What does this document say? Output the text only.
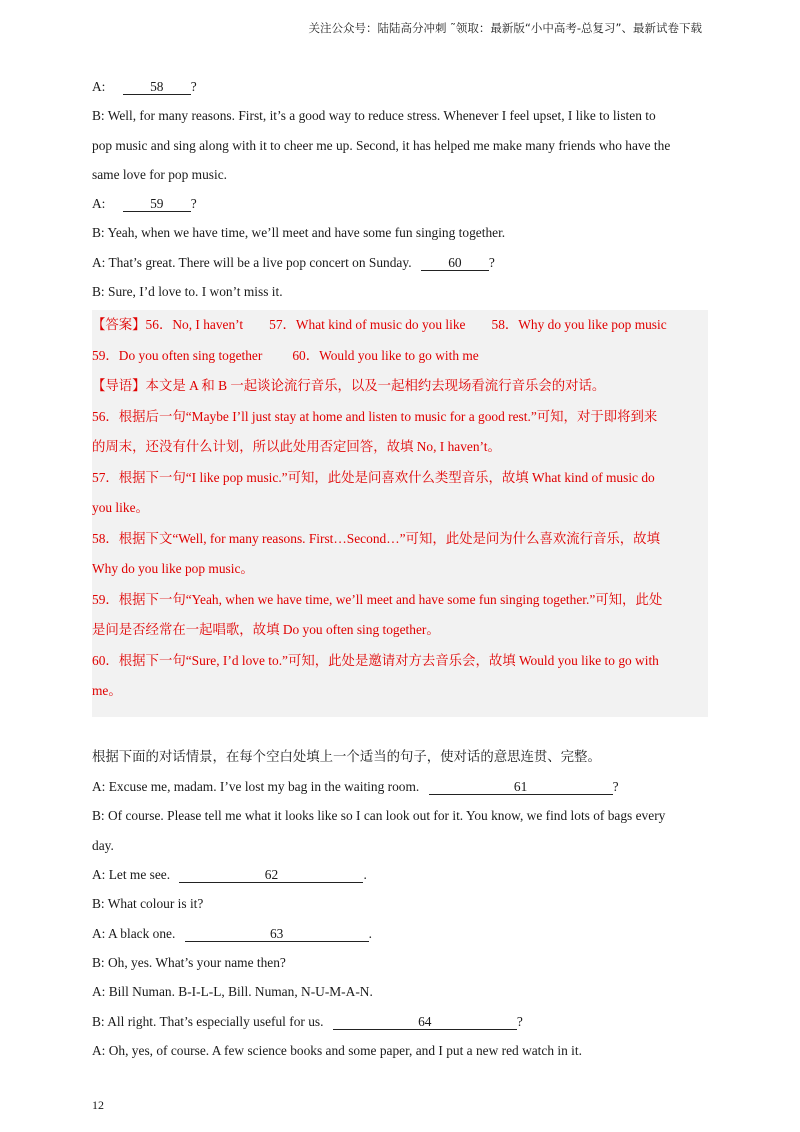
关注公众号：陆陆高分冲刺 ˜领取：最新版“小中高考-总复习”、最新试卷下载
A:	58 ?
B: Well, for many reasons. First, it’s a good way to reduce stress. Whenever I feel upset, I like to listen to
pop music and sing along with it to cheer me up. Second, it has helped me make many friends who have the
same love for pop music.
A:	59 ?
B: Yeah, when we have time, we’ll meet and have some fun singing together.
A: That’s great. There will be a live pop concert on Sunday.	60 ?
B: Sure, I’d love to. I won’t miss it.
【答案】56．No, I haven’t 57．What kind of music do you like 58．Why do you like pop music
59．Do you often sing together 60．Would you like to go with me
【导语】本文是 A 和 B 一起谈论流行音乐，以及一起相约去现场看流行音乐会的对话。
56．根据后一句“Maybe I’ll just stay at home and listen to music for a good rest.”可知，对于即将到来
的周末，还没有什么计划，所以此处用否定回答，故填 No, I haven’t。
57．根据下一句“I like pop music.”可知，此处是问喜欢什么类型音乐，故填 What kind of music do
you like。
58．根据下文“Well, for many reasons. First…Second…”可知，此处是问为什么喜欢流行音乐，故填
Why do you like pop music。
59．根据下一句“Yeah, when we have time, we’ll meet and have some fun singing together.”可知，此处
是问是否经常在一起唱歌，故填 Do you often sing together。
60．根据下一句“Sure, I’d love to.”可知，此处是邀请对方去音乐会，故填 Would you like to go with
me。
根据下面的对话情景，在每个空白处填上一个适当的句子，使对话的意思连贯、完整。
A: Excuse me, madam. I’ve lost my bag in the waiting room.	61	?
B: Of course. Please tell me what it looks like so I can look out for it. You know, we find lots of bags every
day.
A: Let me see.	62	.
B: What colour is it?
A: A black one.	63	.
B: Oh, yes. What’s your name then?
A: Bill Numan. B-I-L-L, Bill. Numan, N-U-M-A-N.
B: All right. That’s especially useful for us.	64	?
A: Oh, yes, of course. A few science books and some paper, and I put a new red watch in it.
12
